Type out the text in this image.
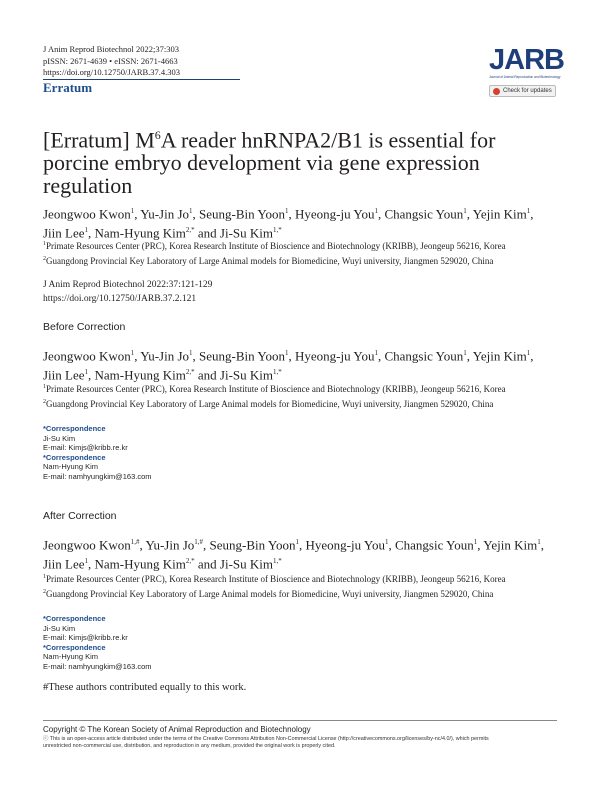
J Anim Reprod Biotechnol 2022;37:303
pISSN: 2671-4639 • eISSN: 2671-4663
https://doi.org/10.12750/JARB.37.4.303
Erratum
JARB
Journal of Animal Reproduction and Biotechnology
Check for updates
[Erratum] $M^6A$ reader hnRNPA2/B1 is essential for porcine embryo development via gene expression regulation
Jeongwoo Kwon$^1$, Yu-Jin Jo$^1$, Seung-Bin Yoon$^1$, Hyeong-ju You$^1$, Changsic Youn$^1$, Yejin Kim$^1$,
Jiin Lee$^1$, Nam-Hyung Kim$^{2,*}$ and Ji-Su Kim$^{1,*}$
$^1$Primate Resources Center (PRC), Korea Research Institute of Bioscience and Biotechnology (KRIBB), Jeongeup 56216, Korea
$^2$Guangdong Provincial Key Laboratory of Large Animal models for Biomedicine, Wuyi university, Jiangmen 529020, China
J Anim Reprod Biotechnol 2022:37:121-129
https://doi.org/10.12750/JARB.37.2.121
Before Correction
Jeongwoo Kwon$^1$, Yu-Jin Jo$^1$, Seung-Bin Yoon$^1$, Hyeong-ju You$^1$, Changsic Youn$^1$, Yejin Kim$^1$,
Jiin Lee$^1$, Nam-Hyung Kim$^{2,*}$ and Ji-Su Kim$^{1,*}$
$^1$Primate Resources Center (PRC), Korea Research Institute of Bioscience and Biotechnology (KRIBB), Jeongeup 56216, Korea
$^2$Guangdong Provincial Key Laboratory of Large Animal models for Biomedicine, Wuyi university, Jiangmen 529020, China
*Correspondence
Ji-Su Kim
E-mail: Kimjs@kribb.re.kr
*Correspondence
Nam-Hyung Kim
E-mail: namhyungkim@163.com
After Correction
Jeongwoo Kwon$^{1,\#}$, Yu-Jin $Jo^{1,\#}$, Seung-Bin Yoon$^1$, Hyeong-ju You$^1$, Changsic Youn$^1$, Yejin Kim$^1$,
Jiin Lee$^1$, Nam-Hyung Kim$^{2,*}$ and Ji-Su Kim$^{1,*}$
$^1$Primate Resources Center (PRC), Korea Research Institute of Bioscience and Biotechnology (KRIBB), Jeongeup 56216, Korea
$^2$Guangdong Provincial Key Laboratory of Large Animal models for Biomedicine, Wuyi university, Jiangmen 529020, China
*Correspondence
Ji-Su Kim
E-mail: Kimjs@kribb.re.kr
*Correspondence
Nam-Hyung Kim
E-mail: namhyungkim@163.com
#These authors contributed equally to this work.
Copyright © The Korean Society of Animal Reproduction and Biotechnology
ⓒ This is an open-access article distributed under the terms of the Creative Commons Attribution Non-Commercial License (http://creativecommons.org/licenses/by-nc/4.0/), which permits
unrestricted non-commercial use, distribution, and reproduction in any medium, provided the original work is properly cited.
